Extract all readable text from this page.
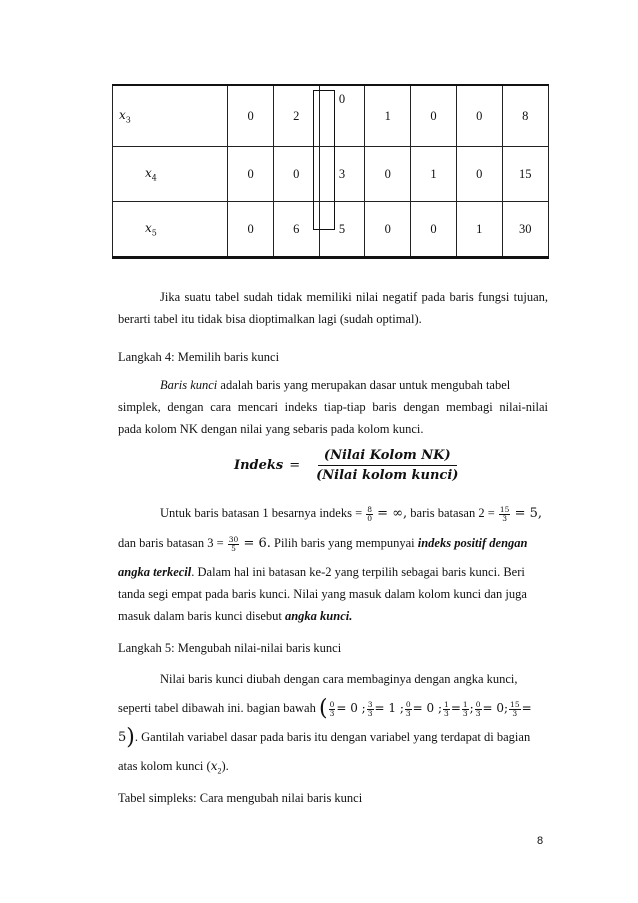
$x_3$	0	2	0	1	0	0	8
$x_4$	0	0	3	0	1	0	15
$x_5$	0	6	5	0	0	1	30
Jika suatu tabel sudah tidak memiliki nilai negatif pada baris fungsi tujuan,
berarti tabel itu tidak bisa dioptimalkan lagi (sudah optimal).
Langkah 4: Memilih baris kunci
Baris kunci adalah baris yang merupakan dasar untuk mengubah tabel
simplek, dengan cara mencari indeks tiap-tiap baris dengan membagi nilai-nilai
pada kolom NK dengan nilai yang sebaris pada kolom kunci.
Indeks = $\frac{\text{(Nilai Kolom NK)}}{\text{(Nilai kolom kunci)}}$
Untuk baris batasan 1 besarnya indeks = $\frac{8}{0}$ = ∞, baris batasan $2 = \frac{15}{3} = 5$,
dan baris batasan $3 = \frac{30}{5} = 6$. Pilih baris yang mempunyai indeks positif dengan
angka terkecil. Dalam hal ini batasan ke-2 yang terpilih sebagai baris kunci. Beri
tanda segi empat pada baris kunci. Nilai yang masuk dalam kolom kunci dan juga
masuk dalam baris kunci disebut angka kunci.
Langkah 5: Mengubah nilai-nilai baris kunci
Nilai baris kunci diubah dengan cara membaginya dengan angka kunci,
seperti tabel dibawah ini. bagian bawah ( $\frac{0}{3} = 0$ ; $\frac{3}{3} = 1$ ; $\frac{0}{3} = 0$ ; $\frac{1}{3} = \frac{1}{3}$ ; $\frac{0}{3} = 0$; $\frac{15}{3}$ =
5). Gantilah variabel dasar pada baris itu dengan variabel yang terdapat di bagian
atas kolom kunci $(x_2)$.
Tabel simpleks: Cara mengubah nilai baris kunci
8
